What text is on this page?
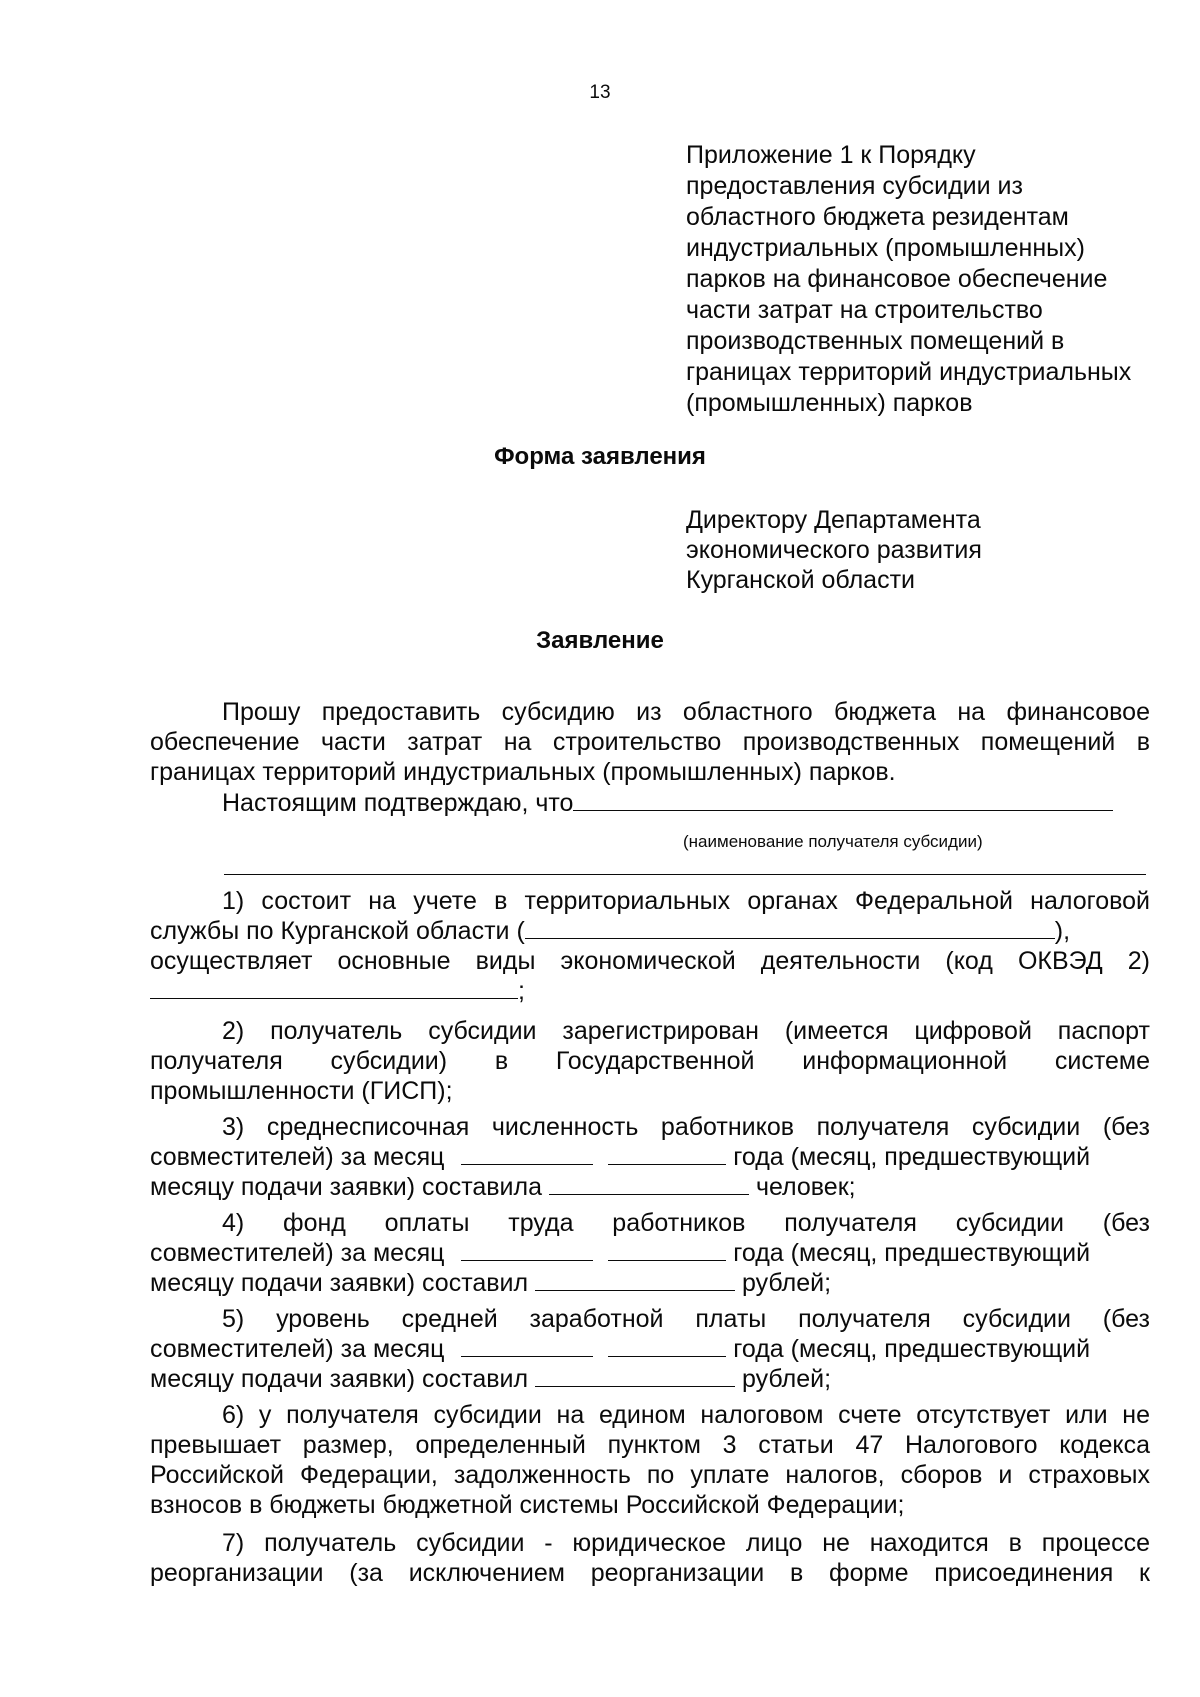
13
Приложение 1 к Порядку
предоставления субсидии из
областного бюджета резидентам
индустриальных (промышленных)
парков на финансовое обеспечение
части затрат на строительство
производственных помещений в
границах территорий индустриальных
(промышленных) парков
Форма заявления
Директору Департамента
экономического развития
Курганской области
Заявление
Прошу предоставить субсидию из областного бюджета на финансовое
обеспечение части затрат на строительство производственных помещений в
границах территорий индустриальных (промышленных) парков.
Настоящим подтверждаю, что
(наименование получателя субсидии)
1) состоит на учете в территориальных органах Федеральной налоговой
службы по Курганской области (	),
осуществляет основные виды экономической деятельности (код ОКВЭД 2)
;
2) получатель субсидии зарегистрирован (имеется цифровой паспорт
получателя субсидии) в Государственной информационной системе
промышленности (ГИСП);
3) среднесписочная численность работников получателя субсидии (без
совместителей) за месяц	года (месяц, предшествующий
месяцу подачи заявки) составила	человек;
4) фонд оплаты труда работников получателя субсидии (без
совместителей) за месяц	года (месяц, предшествующий
месяцу подачи заявки) составил	рублей;
5) уровень средней заработной платы получателя субсидии (без
совместителей) за месяц	года (месяц, предшествующий
месяцу подачи заявки) составил	рублей;
6) у получателя субсидии на едином налоговом счете отсутствует или не
превышает размер, определенный пунктом 3 статьи 47 Налогового кодекса
Российской Федерации, задолженность по уплате налогов, сборов и страховых
взносов в бюджеты бюджетной системы Российской Федерации;
7) получатель субсидии - юридическое лицо не находится в процессе
реорганизации (за исключением реорганизации в форме присоединения к
